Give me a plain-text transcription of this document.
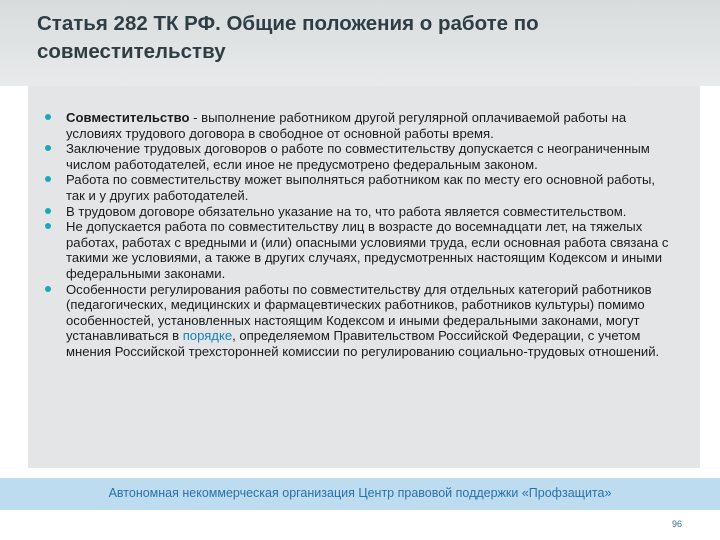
Статья 282 ТК РФ. Общие положения о работе по совместительству
Совместительство - выполнение работником другой регулярной оплачиваемой работы на условиях трудового договора в свободное от основной работы время.
Заключение трудовых договоров о работе по совместительству допускается с неограниченным числом работодателей, если иное не предусмотрено федеральным законом.
Работа по совместительству может выполняться работником как по месту его основной работы, так и у других работодателей.
В трудовом договоре обязательно указание на то, что работа является совместительством.
Не допускается работа по совместительству лиц в возрасте до восемнадцати лет, на тяжелых работах, работах с вредными и (или) опасными условиями труда, если основная работа связана с такими же условиями, а также в других случаях, предусмотренных настоящим Кодексом и иными федеральными законами.
Особенности регулирования работы по совместительству для отдельных категорий работников (педагогических, медицинских и фармацевтических работников, работников культуры) помимо особенностей, установленных настоящим Кодексом и иными федеральными законами, могут устанавливаться в порядке, определяемом Правительством Российской Федерации, с учетом мнения Российской трехсторонней комиссии по регулированию социально-трудовых отношений.
Автономная некоммерческая организация Центр правовой поддержки «Профзащита»
96
